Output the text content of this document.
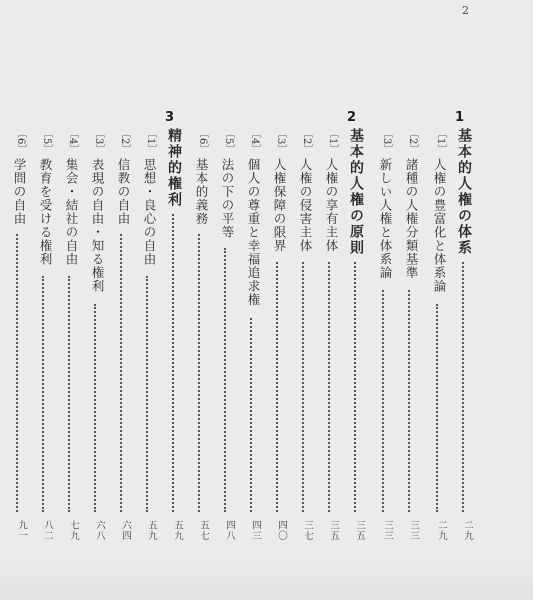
2
1
基本的人権の体系
二九
〔1〕
人権の豊富化と体系論
二九
〔2〕
諸種の人権分類基準
三三
〔3〕
新しい人権と体系論
三三
2
基本的人権の原則
三五
〔1〕
人権の享有主体
三五
〔2〕
人権の侵害主体
三七
〔3〕
人権保障の限界
四〇
〔4〕
個人の尊重と幸福追求権
四三
〔5〕
法の下の平等
四八
〔6〕
基本的義務
五七
3
精神的権利
五九
〔1〕
思想・良心の自由
五九
〔2〕
信教の自由
六四
〔3〕
表現の自由・知る権利
六八
〔4〕
集会・結社の自由
七九
〔5〕
教育を受ける権利
八二
〔6〕
学問の自由
九一
